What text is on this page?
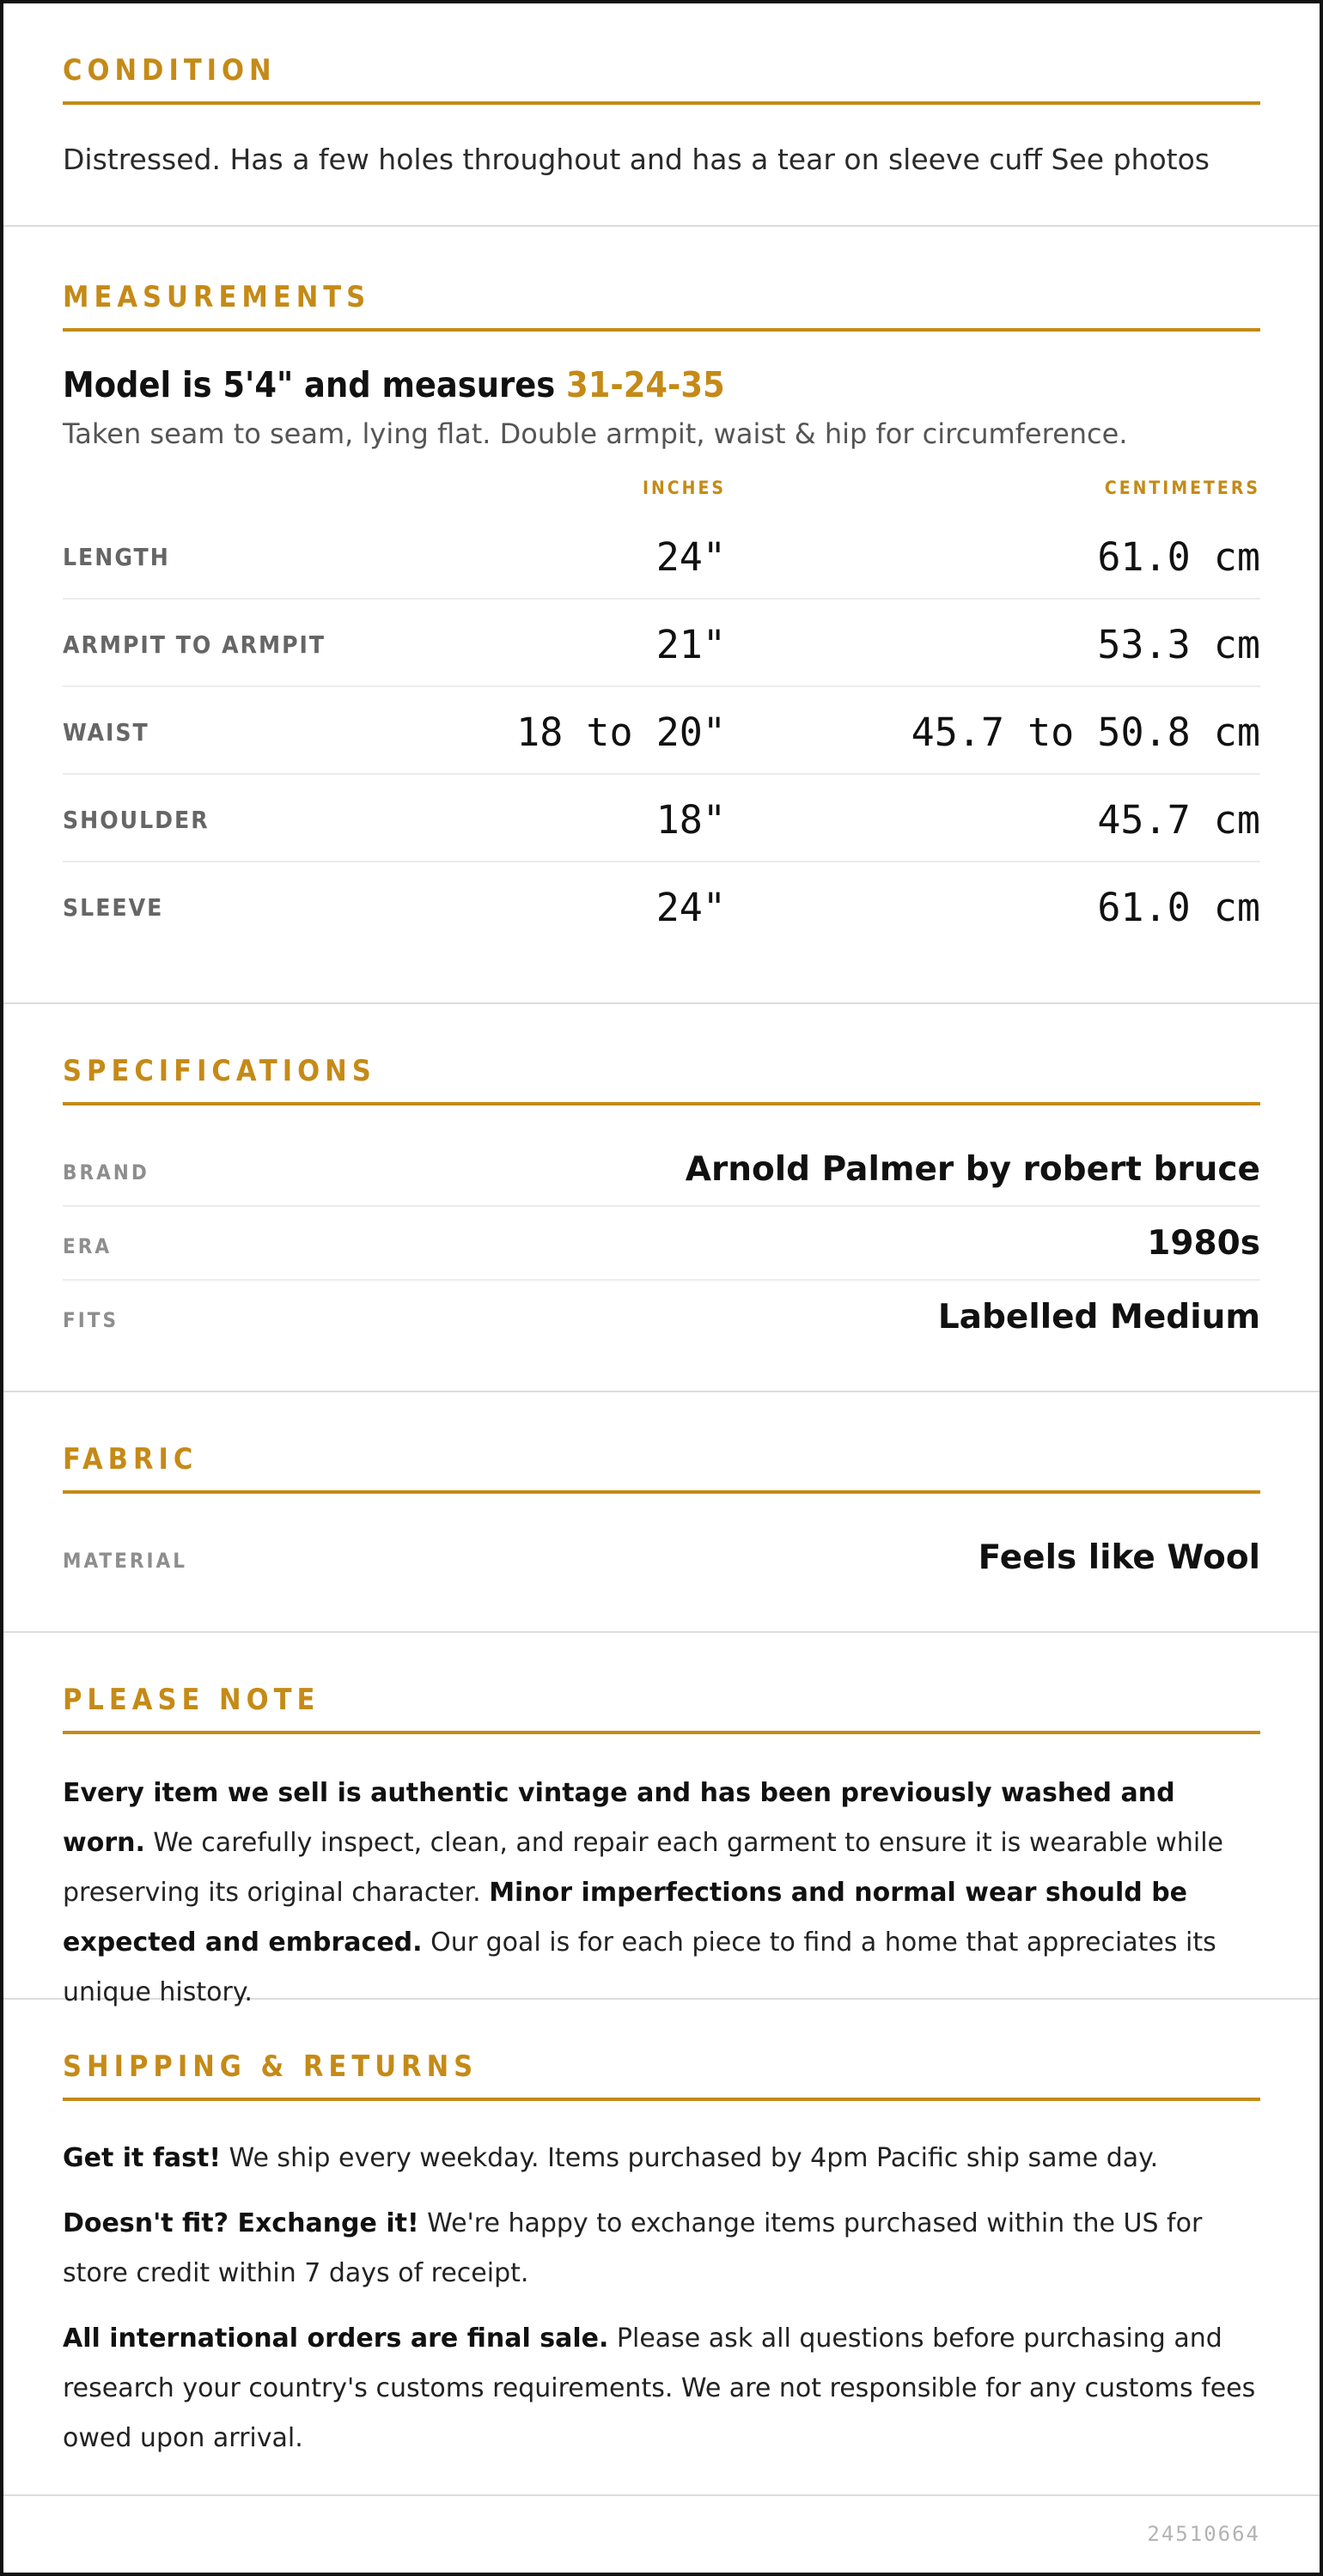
CONDITION

Distressed. Has a few holes throughout and has a tear on sleeve cuff See photos

MEASUREMENTS
Model is 5'4" and measures 31-24-35

Taken seam to seam, lying flat. Double armpit, waist & hip for circumference.

INCHES	CENTIMETERS
LENGTH	24"	61.0 cm
ARMPIT TO ARMPIT	21"	53.3 cm
WAIST	18 to 20"	45.7 to 50.8 cm
SHOULDER	18"	45.7 cm
SLEEVE	24"	61.0 cm
SPECIFICATIONS
BRAND	Arnold Palmer by robert bruce
ERA	1980s
FITS	Labelled Medium
FABRIC
MATERIAL	Feels like Wool
PLEASE NOTE

Every item we sell is authentic vintage and has been previously washed and worn. We carefully inspect, clean, and repair each garment to ensure it is wearable while preserving its original character. Minor imperfections and normal wear should be expected and embraced. Our goal is for each piece to find a home that appreciates its unique history.

SHIPPING & RETURNS

Get it fast! We ship every weekday. Items purchased by 4pm Pacific ship same day.

Doesn't fit? Exchange it! We're happy to exchange items purchased within the US for store credit within 7 days of receipt.

All international orders are final sale. Please ask all questions before purchasing and research your country's customs requirements. We are not responsible for any customs fees owed upon arrival.

24510664
